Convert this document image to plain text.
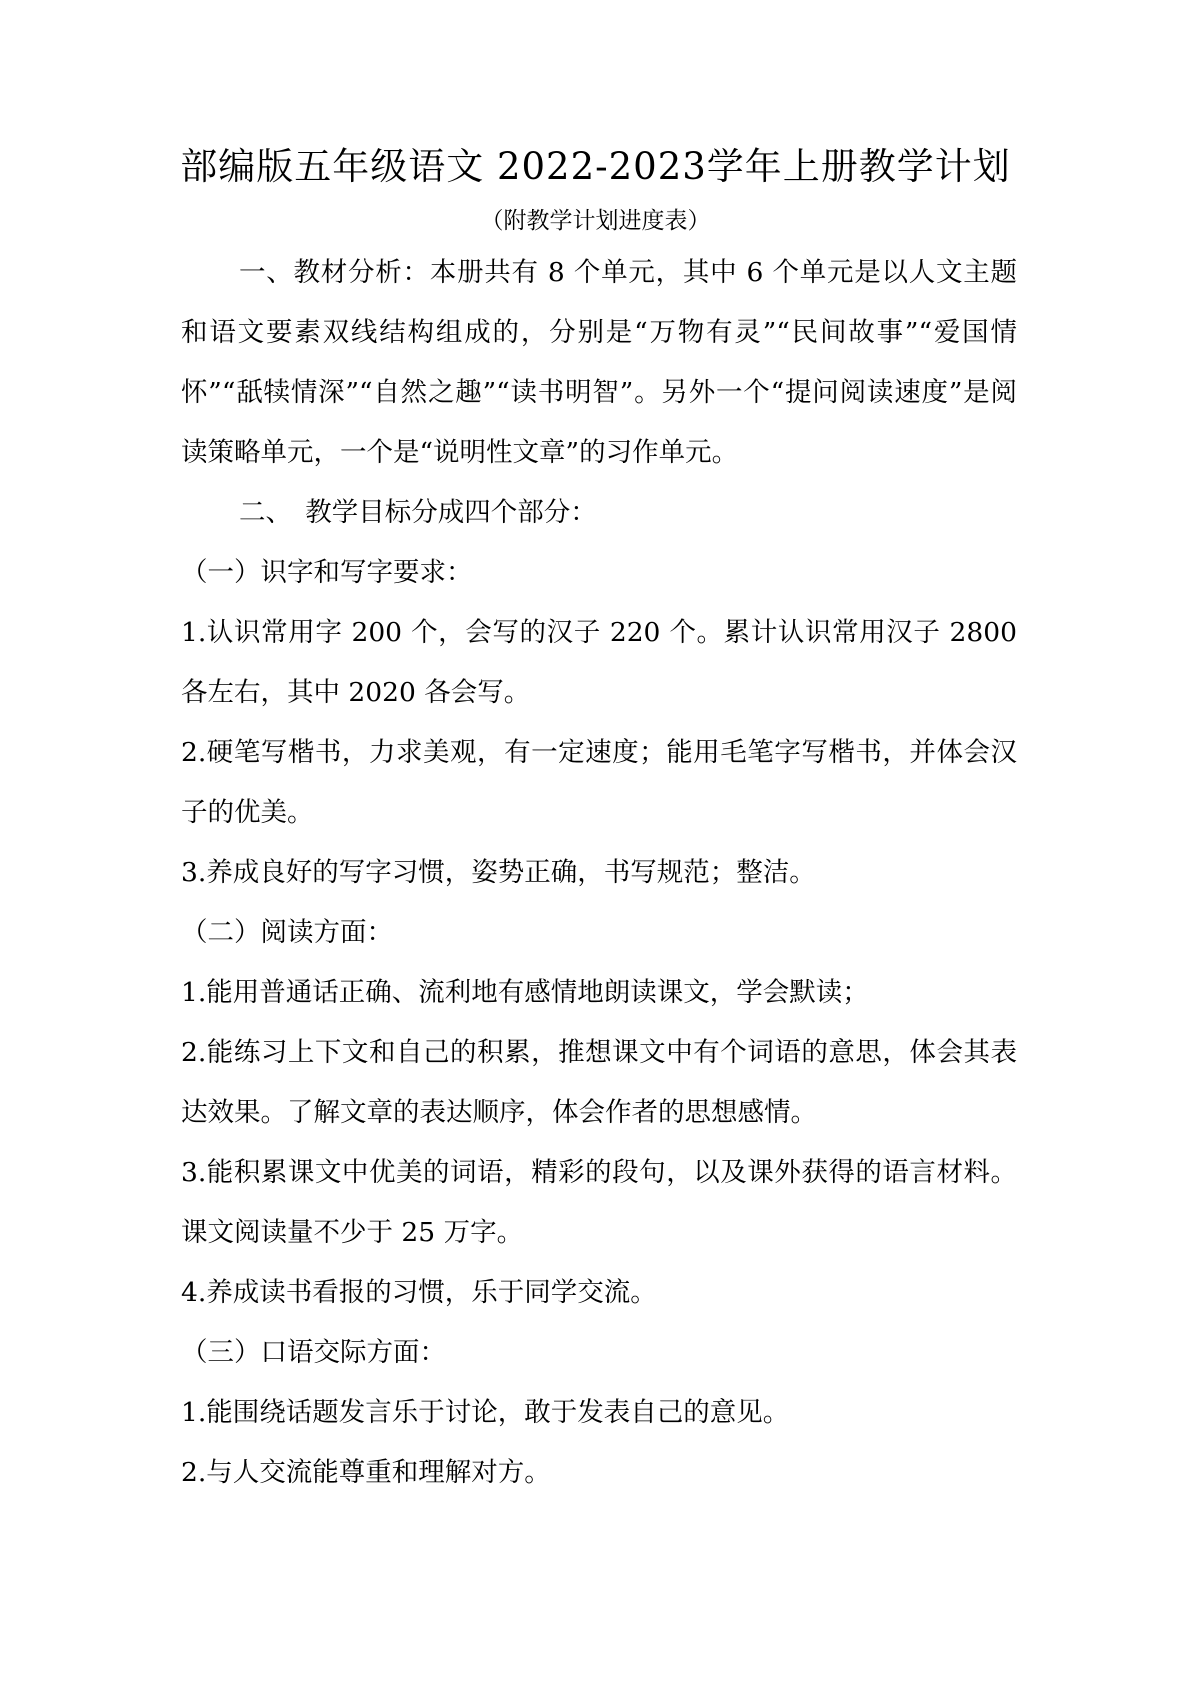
部编版五年级语文 2022-2023学年上册教学计划
（附教学计划进度表）

一、教材分析：本册共有 8 个单元，其中 6 个单元是以人文主题和语文要素双线结构组成的，分别是“万物有灵”“民间故事”“爱国情怀”“舐犊情深”“自然之趣”“读书明智”。另外一个“提问阅读速度”是阅读策略单元，一个是“说明性文章”的习作单元。

二、　教学目标分成四个部分：

（一）识字和写字要求：

1.认识常用字 200 个，会写的汉子 220 个。累计认识常用汉子 2800 各左右，其中 2020 各会写。

2.硬笔写楷书，力求美观，有一定速度；能用毛笔字写楷书，并体会汉子的优美。

3.养成良好的写字习惯，姿势正确，书写规范；整洁。

（二）阅读方面：

1.能用普通话正确、流利地有感情地朗读课文，学会默读；

2.能练习上下文和自己的积累，推想课文中有个词语的意思，体会其表达效果。了解文章的表达顺序，体会作者的思想感情。

3.能积累课文中优美的词语，精彩的段句，以及课外获得的语言材料。课文阅读量不少于 25 万字。

4.养成读书看报的习惯，乐于同学交流。

（三）口语交际方面：

1.能围绕话题发言乐于讨论，敢于发表自己的意见。

2.与人交流能尊重和理解对方。
